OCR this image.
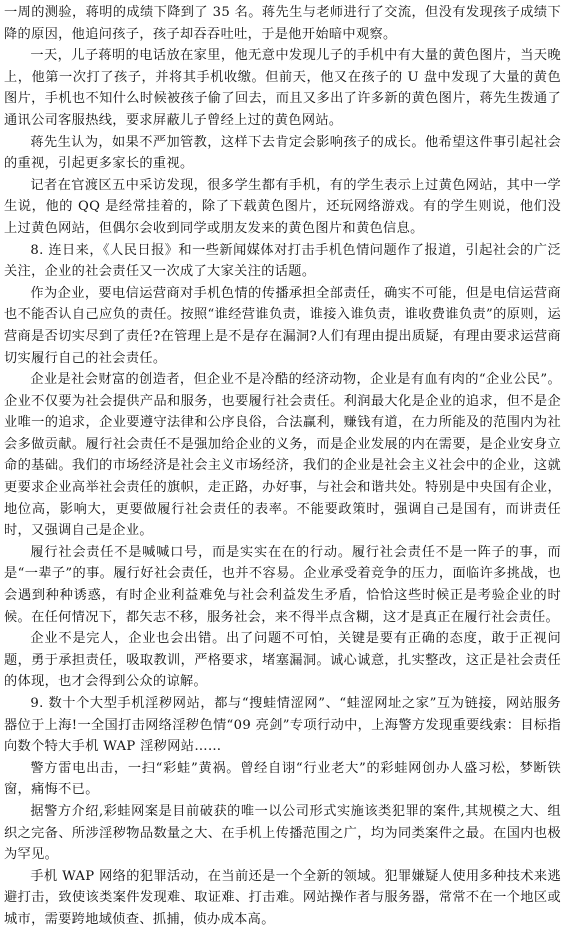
一周的测验，蒋明的成绩下降到了 35 名。蒋先生与老师进行了交流，但没有发现孩子成绩下降的原因，他追问孩子，孩子却吞吞吐吐，于是他开始暗中观察。

一天，儿子蒋明的电话放在家里，他无意中发现儿子的手机中有大量的黄色图片，当天晚上，他第一次打了孩子，并将其手机收缴。但前天，他又在孩子的 U 盘中发现了大量的黄色图片，手机也不知什么时候被孩子偷了回去，而且又多出了许多新的黄色图片，蒋先生拨通了通讯公司客服热线，要求屏蔽儿子曾经上过的黄色网站。

蒋先生认为，如果不严加管教，这样下去肯定会影响孩子的成长。他希望这件事引起社会的重视，引起更多家长的重视。

记者在官渡区五中采访发现，很多学生都有手机，有的学生表示上过黄色网站，其中一学生说，他的 QQ 是经常挂着的，除了下载黄色图片，还玩网络游戏。有的学生则说，他们没上过黄色网站，但偶尔会收到同学或朋友发来的黄色图片和黄色信息。

8. 连日来，《人民日报》和一些新闻媒体对打击手机色情问题作了报道，引起社会的广泛关注，企业的社会责任又一次成了大家关注的话题。

作为企业，要电信运营商对手机色情的传播承担全部责任，确实不可能，但是电信运营商也不能否认自己应负的责任。按照“谁经营谁负责，谁接入谁负责，谁收费谁负责”的原则，运营商是否切实尽到了责任?在管理上是不是存在漏洞?人们有理由提出质疑，有理由要求运营商切实履行自己的社会责任。

企业是社会财富的创造者，但企业不是冷酷的经济动物，企业是有血有肉的“企业公民”。企业不仅要为社会提供产品和服务，也要履行社会责任。利润最大化是企业的追求，但不是企业唯一的追求，企业要遵守法律和公序良俗，合法赢利，赚钱有道，在力所能及的范围内为社会多做贡献。履行社会责任不是强加给企业的义务，而是企业发展的内在需要，是企业安身立命的基础。我们的市场经济是社会主义市场经济，我们的企业是社会主义社会中的企业，这就更要求企业高举社会责任的旗帜，走正路，办好事，与社会和谐共处。特别是中央国有企业，地位高，影响大，更要做履行社会责任的表率。不能要政策时，强调自己是国有，而讲责任时，又强调自己是企业。

履行社会责任不是喊喊口号，而是实实在在的行动。履行社会责任不是一阵子的事，而是“一辈子”的事。履行好社会责任，也并不容易。企业承受着竞争的压力，面临许多挑战，也会遇到种种诱惑，有时企业利益难免与社会利益发生矛盾，恰恰这些时候正是考验企业的时候。在任何情况下，都矢志不移，服务社会，来不得半点含糊，这才是真正在履行社会责任。

企业不是完人，企业也会出错。出了问题不可怕，关键是要有正确的态度，敢于正视问题，勇于承担责任，吸取教训，严格要求，堵塞漏洞。诚心诚意，扎实整改，这正是社会责任的体现，也才会得到公众的谅解。

9. 数十个大型手机淫秽网站，都与“搜蛙情涩网”、“蛙涩网址之家”互为链接，网站服务器位于上海!一全国打击网络淫秽色情“09 亮剑”专项行动中，上海警方发现重要线索：目标指向数个特大手机 WAP 淫秽网站……

警方雷电出击，一扫“彩蛙”黄祸。曾经自诩“行业老大”的彩蛙网创办人盛习松，梦断铁窗，痛悔不已。

据警方介绍,彩蛙网案是目前破获的唯一以公司形式实施该类犯罪的案件,其规模之大、组织之完备、所涉淫秽物品数量之大、在手机上传播范围之广，均为同类案件之最。在国内也极为罕见。

手机 WAP 网络的犯罪活动，在当前还是一个全新的领域。犯罪嫌疑人使用多种技术来逃避打击，致使该类案件发现难、取证难、打击难。网站操作者与服务器，常常不在一个地区或城市，需要跨地域侦查、抓捕，侦办成本高。
